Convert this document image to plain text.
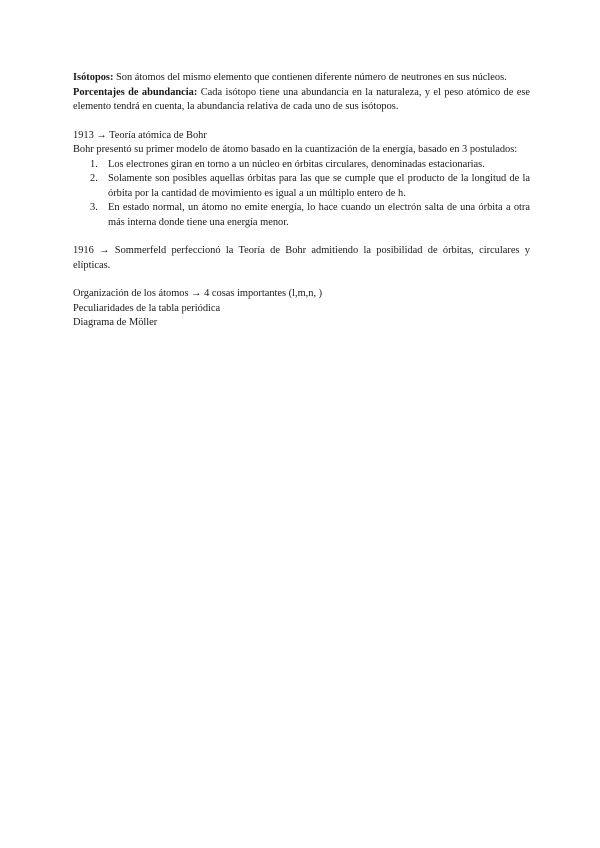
Isótopos: Son átomos del mismo elemento que contienen diferente número de neutrones en sus núcleos.

Porcentajes de abundancia: Cada isótopo tiene una abundancia en la naturaleza, y el peso atómico de ese elemento tendrá en cuenta, la abundancia relativa de cada uno de sus isótopos.

1913 → Teoría atómica de Bohr

Bohr presentó su primer modelo de átomo basado en la cuantización de la energía, basado en 3 postulados:

1. Los electrones giran en torno a un núcleo en órbitas circulares, denominadas estacionarias.
2. Solamente son posibles aquellas órbitas para las que se cumple que el producto de la longitud de la órbita por la cantidad de movimiento es igual a un múltiplo entero de h.
3. En estado normal, un átomo no emite energía, lo hace cuando un electrón salta de una órbita a otra más interna donde tiene una energía menor.

1916 → Sommerfeld perfeccionó la Teoría de Bohr admitiendo la posibilidad de órbitas, circulares y elípticas.

Organización de los átomos → 4 cosas importantes (l,m,n, )

Peculiaridades de la tabla periódica

Diagrama de Möller
